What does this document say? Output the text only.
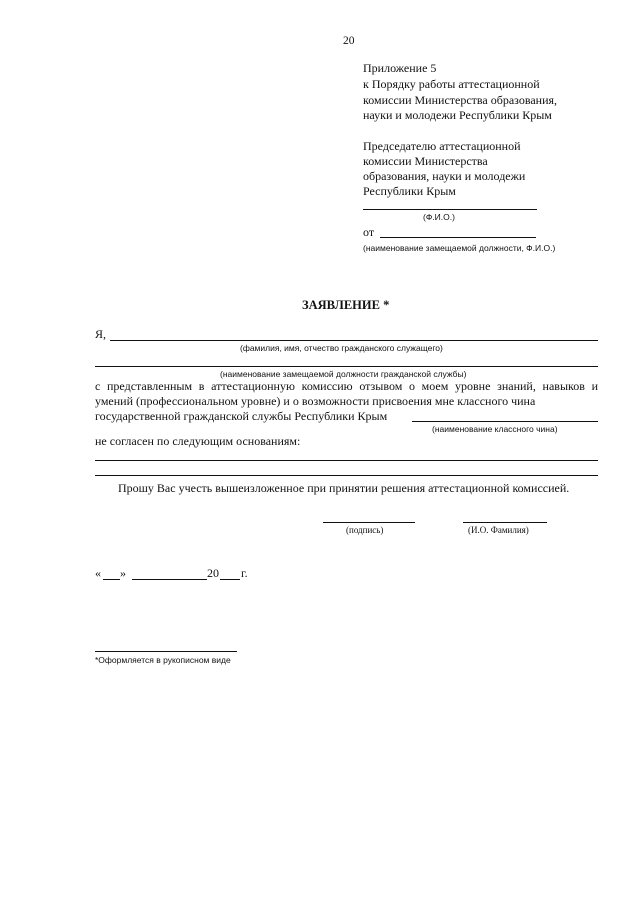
20
Приложение 5
к Порядку работы аттестационной
комиссии Министерства образования,
науки и молодежи Республики Крым
Председателю аттестационной
комиссии Министерства
образования, науки и молодежи
Республики Крым
(Ф.И.О.)
от
(наименование замещаемой должности, Ф.И.О.)
ЗАЯВЛЕНИЕ *
Я,
(фамилия, имя, отчество гражданского служащего)
(наименование замещаемой должности гражданской службы)
с представленным в аттестационную комиссию отзывом о моем уровне знаний, навыков и умений (профессиональном уровне) и о возможности присвоения мне классного чина
государственной гражданской службы Республики Крым
(наименование классного чина)
не согласен по следующим основаниям:
Прошу Вас учесть вышеизложенное при принятии решения аттестационной комиссией.
(подпись)	(И.О. Фамилия)
« »	20 г.
*Оформляется в рукописном виде
